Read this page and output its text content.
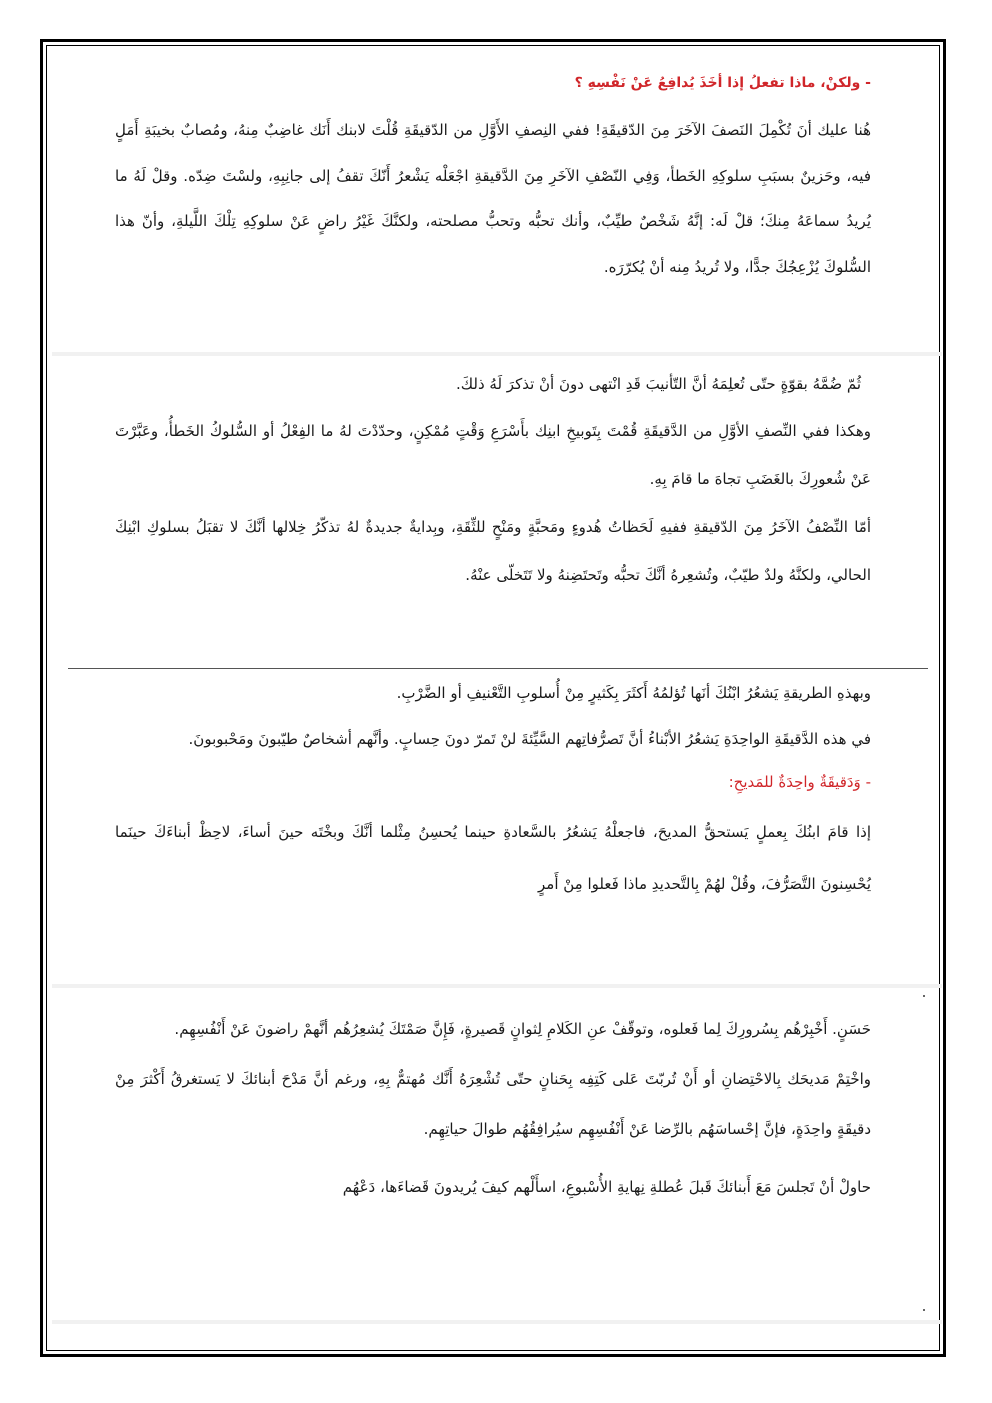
- ولكنْ، ماذا تفعلُ إذا أخَذَ يُدافِعُ عَنْ نَفْسِهِ ؟

هُنا عليك أنَ تُكْمِلَ النَصفَ الآخَرَ مِنَ الدّقيقَةِ! ففي النِصفِ الأَوَّلِ من الدّقيقَةِ قُلْتَ لابنك أَنَك غاضِبٌ مِنهُ، ومُصابٌ بخيبَةِ أَمَلٍ فيه، وحَزينٌ بسبَبِ سلوكِهِ الخَطأ، وَفِي النّصْفِ الآخَرِ مِنَ الدَّقيقةِ اجْعَلْه يَشْعرُ أَنّكَ تقفُ إلى جانِبِهِ، ولسْتَ ضِدّه. وقلْ لَهُ ما يُريدُ سماعَهُ مِنكَ؛ قلْ لَه: إنَّهُ شَخْصٌ طيِّبٌ، وأنك تحبُّه وتحبُّ مصلحته، ولكنَّكَ غَيْرُ راضٍ عَنْ سلوكِهِ تِلْكَ اللَّيلةِ، وأنّ هذا السُّلوكَ يُزْعِجُكَ جدًّا، ولا تُريدُ مِنه أنْ يُكرّرَه.

ثُمّ ضُمَّهُ بقوّةٍ حتّى تُعلِمَهُ أنَّ التّأنيبَ قَدِ انْتهى دونَ أنْ تذكرَ لَهُ ذلكَ.

وهكذا ففي النِّصفِ الأوَّلِ من الدَّقيقَةِ قُمْتَ بِتَوبيخِ ابنِك بأَسْرَعِ وَقْتٍ مُمْكِنٍ، وحدّدْتَ لهُ ما الفِعْلُ أو السُّلوكُ الخَطأُ، وعَبَّرْتَ عَنْ شُعورِكَ بالغَضَبِ تجاهَ ما قامَ بِهِ.

أمّا النِّصْفُ الآخَرُ مِنَ الدّقيقةِ ففيهِ لَحَظاتُ هُدوءٍ ومَحبَّةٍ ومَنْحٍ للثِّقَةِ، وبِدايةٌ جديدةٌ لهُ تذكّرُ خِلالها أنَّكَ لا تقبَلُ بسلوكِ ابْنِكَ الحالي، ولكنَّهُ ولدٌ طيّبٌ، وتُشعِرهُ أنَّكَ تحبُّه وتَحتَضِنهُ ولا تَتَخلّى عنْهُ.

وبهذهِ الطريقةِ يَشعُرُ ابْنُكَ أنَها تُؤلمُهُ أَكثَرَ بِكَثيرٍ مِنْ أُسلوبِ التَّعْنيفِ أو الضَّرْبِ.

في هذه الدَّقيقَةِ الواحِدَةِ يَشعُرُ الأبْناءُ أنَّ تَصرُّفاتِهم السَّيِّئةَ لنْ تَمرّ دونَ حِسابٍ. وأنَّهم أشخاصٌ طيّبونَ ومَحْبوبونَ.

- وَدَقيقَةٌ واحِدَةٌ للمَديحِ:

إذا قامَ ابنُكَ بِعملٍ يَستحقُّ المديحَ، فاجعلْهُ يَشعُرُ بالسَّعادةِ حينما يُحسِنُ مِثْلما أنَّكَ وبخْتَه حينَ أساءَ، لاحِظْ أبناءَكَ حينَما يُحْسِنونَ التَّصَرُّفَ، وقُلْ لهُمْ بِالتَّحديدِ ماذا فَعلوا مِنْ أَمرٍ

حَسَنٍ. أَخْبِرْهُم بِسُرورِكَ لِما فَعلوه، وتوقّفْ عنِ الكَلامِ لِثوانٍ قَصيرةٍ، فَإِنَّ صَمْتَكَ يُشعِرُهُم أنَّهمْ راضونَ عَنْ أَنْفُسِهِم.

واخْتِمْ مَديحَك بِالاحْتِضانِ أو أَنْ تُربّتَ عَلى كَتِفِه بِحَنانٍ حتّى تُشْعِرَهُ أَنَّك مُهتمٌّ بِهِ، ورغم أنَّ مَدْحَ أبنائكَ لا يَستغرقُ أَكْثرَ مِنْ دقيقَةٍ واحِدَةٍ، فإنَّ إحْساسَهُم بالرِّضا عَنْ أَنْفُسِهِم سيُرافِقُهُم طوالَ حياتِهِم.

حاولْ أنْ تَجلسَ مَعَ أَبنائكَ قَبلَ عُطلةِ نِهايةِ الأُسْبوعِ، اسأَلْهم كيفَ يُريدونَ قَضاءَها، دَعْهُم
